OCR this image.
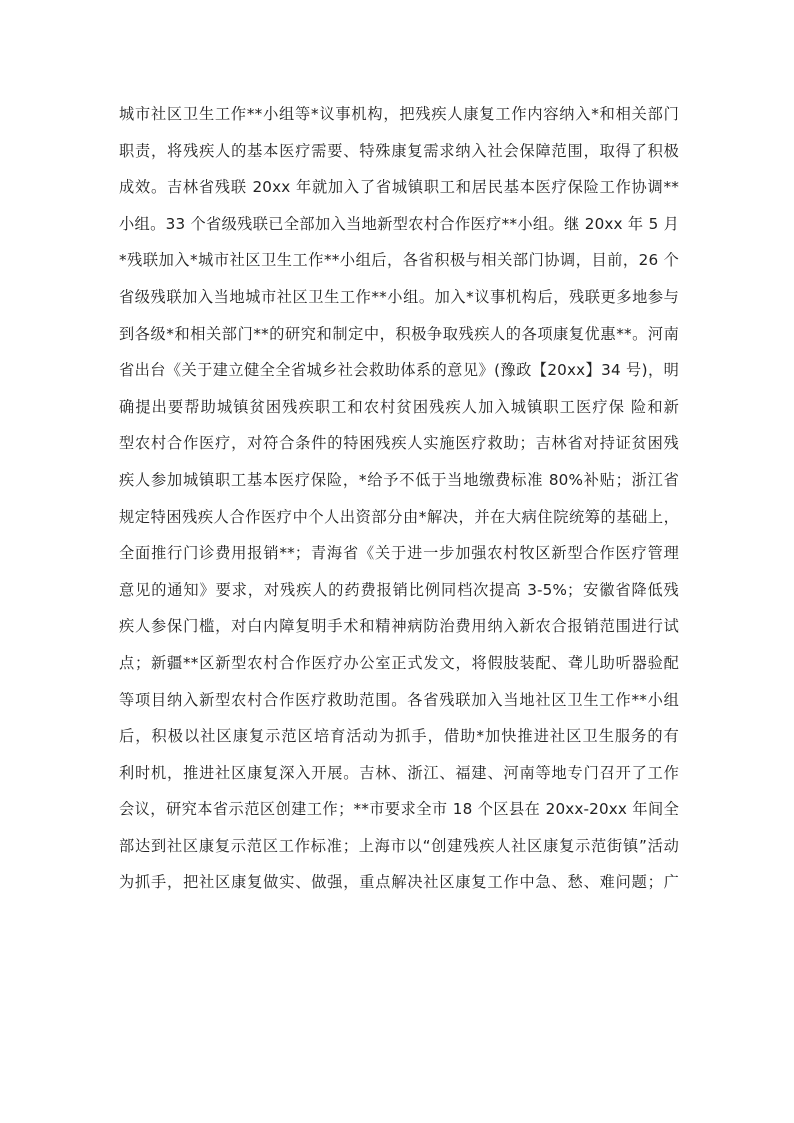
城市社区卫生工作**小组等*议事机构，把残疾人康复工作内容纳入*和相关部门
职责，将残疾人的基本医疗需要、特殊康复需求纳入社会保障范围，取得了积极
成效。吉林省残联 20xx 年就加入了省城镇职工和居民基本医疗保险工作协调**
小组。33 个省级残联已全部加入当地新型农村合作医疗**小组。继 20xx 年 5 月
*残联加入*城市社区卫生工作**小组后，各省积极与相关部门协调，目前，26 个
省级残联加入当地城市社区卫生工作**小组。加入*议事机构后，残联更多地参与
到各级*和相关部门**的研究和制定中，积极争取残疾人的各项康复优惠**。河南
省出台《关于建立健全全省城乡社会救助体系的意见》(豫政【20xx】34 号)，明
确提出要帮助城镇贫困残疾职工和农村贫困残疾人加入城镇职工医疗保 险和新
型农村合作医疗，对符合条件的特困残疾人实施医疗救助；吉林省对持证贫困残
疾人参加城镇职工基本医疗保险，*给予不低于当地缴费标准 80%补贴；浙江省
规定特困残疾人合作医疗中个人出资部分由*解决，并在大病住院统筹的基础上，
全面推行门诊费用报销**；青海省《关于进一步加强农村牧区新型合作医疗管理
意见的通知》要求，对残疾人的药费报销比例同档次提高 3-5%；安徽省降低残
疾人参保门槛，对白内障复明手术和精神病防治费用纳入新农合报销范围进行试
点；新疆**区新型农村合作医疗办公室正式发文，将假肢装配、聋儿助听器验配
等项目纳入新型农村合作医疗救助范围。各省残联加入当地社区卫生工作**小组
后，积极以社区康复示范区培育活动为抓手，借助*加快推进社区卫生服务的有
利时机，推进社区康复深入开展。吉林、浙江、福建、河南等地专门召开了工作
会议，研究本省示范区创建工作；**市要求全市 18 个区县在 20xx-20xx 年间全
部达到社区康复示范区工作标准；上海市以“创建残疾人社区康复示范街镇”活动
为抓手，把社区康复做实、做强，重点解决社区康复工作中急、愁、难问题；广
